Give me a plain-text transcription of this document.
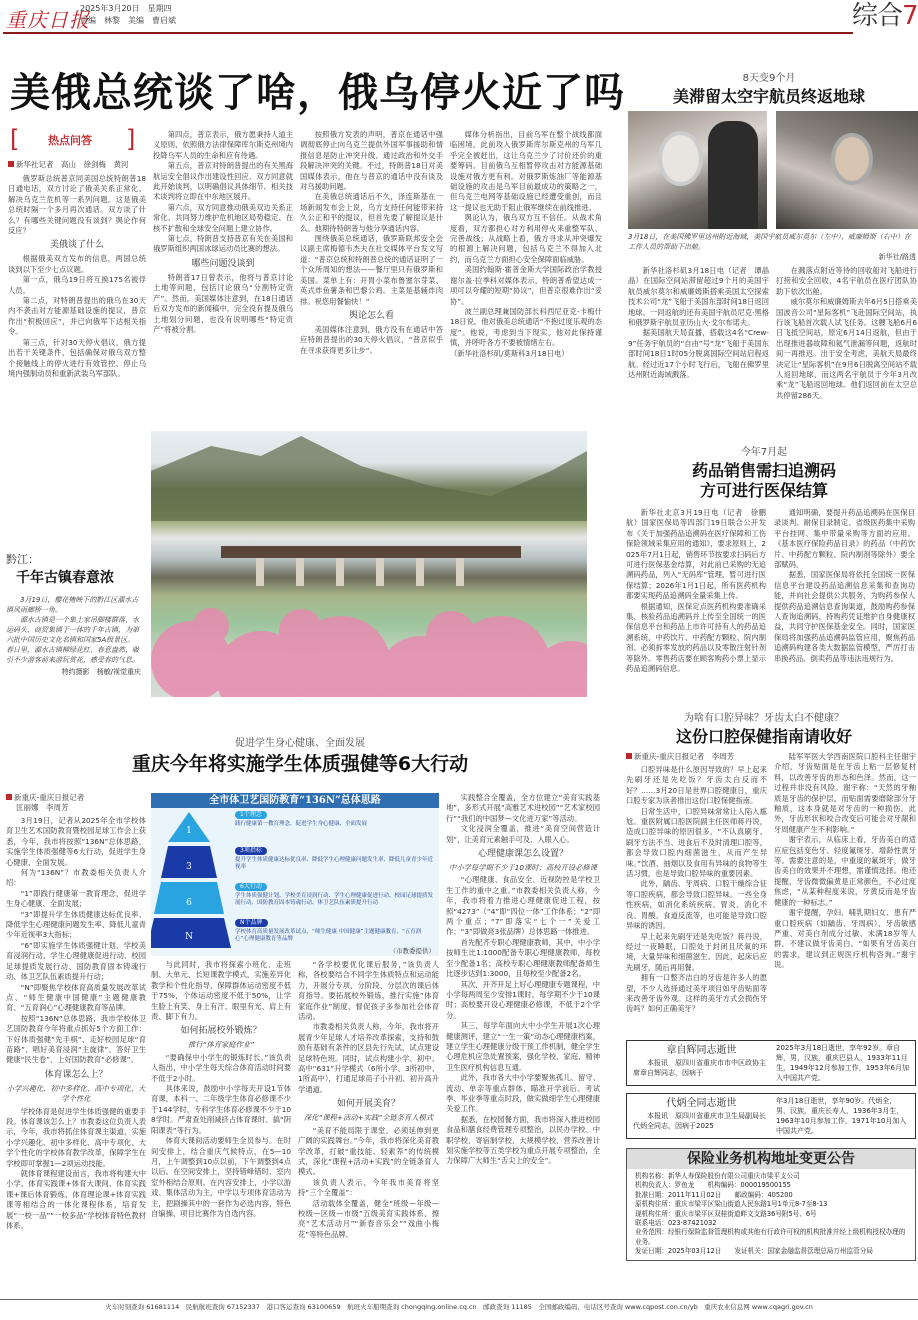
重庆日报
2025年3月20日　星期四
责编　林黎　美编　曹启斌	综合7
美俄总统谈了啥，俄乌停火近了吗
[	热点问答 ]
新华社记者　高山　徐剑梅　黄河

俄罗斯总统普京同美国总统特朗普18日通电话，双方讨论了俄美关系正常化、解决乌克兰危机等一系列问题。这是俄美总统时隔一个多月再次通话。双方谈了什么？有哪些关键问题没有谈到？舆论作何反应？

美俄谈了什么

根据俄美双方发布的信息，两国总统谈到以下至少七点议题。

第一点，俄乌19日将互换175名被俘人员。

第二点，对特朗普提出的俄乌在30天内不袭击对方能源基础设施的提议，普京作出“积极回应”，并已向俄军下达相关指令。

第三点，针对30天停火倡议，俄方提出若干关键条件，包括确保对俄乌双方整个接触线上的停火进行有效管控、停止乌境内强制动员和重新武装乌军部队。

第四点，普京表示，俄方愿秉持人道主义原则，依照俄方法律保障库尔斯克州境内投降乌军人员的生命和应有待遇。

第五点，普京对特朗普提出的有关黑海航运安全倡议作出建设性回应。双方同意就此开始谈判，以明确倡议具体细节。相关技术谈判将立即在中东地区展开。

第六点，双方同意推动俄美双边关系正常化、共同努力维护危机地区局势稳定、在核不扩散和全球安全问题上建立协作。

第七点，特朗普支持普京有关在美国和俄罗斯组织两国冰球运动员比赛的想法。

哪些问题没谈到

特朗普17日曾表示，他将与普京讨论土地等问题，包括讨论俄乌“分割特定资产”。然而，美国媒体注意到，在18日通话后双方发布的新闻稿中，完全没有提及俄乌土地划分问题，也没有说明哪些“特定资产”将被分割。

按照俄方发表的声明，普京在通话中强调彻底停止向乌克兰提供外国军事援助和情报信息是防止冲突升级、通过政治和外交手段解决冲突的关键。不过，特朗普18日对美国媒体表示，他在与普京的通话中没有谈及对乌援助问题。

在美俄总统通话后不久，泽连斯基在一场新闻发布会上说，乌方支持任何能带来持久公正和平的提议，但首先要了解提议是什么。他期待特朗普与他分享通话内容。

围绕俄美总统通话，俄罗斯联邦安全会议副主席梅德韦杰夫在社交媒体平台发文写道：“普京总统和特朗普总统的通话证明了一个众所周知的想法——餐厅里只有俄罗斯和美国。菜单上有：开胃小菜布鲁塞尔芽菜、英式炸鱼薯条和巴黎公鸡。主菜是基辅炸肉排。祝您用餐愉快！”

舆论怎么看

美国媒体注意到，俄方没有在通话中答应特朗普提出的30天停火倡议，“普京似乎在寻求获得更多让步”。

媒体分析指出，目前乌军在整个战线都面临困境，此前攻入俄罗斯库尔斯克州的乌军几乎完全被赶出，这让乌克兰少了讨价还价的重要筹码。目前俄乌互相暂停攻击对方能源基础设施对俄方更有利。对俄罗斯炼油厂等能源基础设施的攻击是乌军目前最成功的策略之一，但乌克兰电网等基础设施已经遭受重创，而且这一提议也无助于阻止俄军继续在前线推进。

舆论认为，俄乌双方互不信任。从战术角度看，双方都担心对方利用停火来重整军队、完善战线；从战略上看，俄方寻求从冲突爆发的根源上解决问题，包括乌克兰不得加入北约，而乌克兰方面担心安全保障面临威胁。

美国约翰斯·霍普金斯大学国际政治学教授谢尔盖·拉季科对媒体表示，特朗普希望达成一项可以夸耀的短期“协议”，但普京很难作出“妥协”。

波兰副总理兼国防部长科西尼亚克-卡梅什18日说，他对俄美总统通话“不抱过度乐观的态度”。他说，考虑到当下现实，他对此保持谨慎，并呼吁各方不要被情绪左右。

（新华社洛杉矶/莫斯科3月18日电）
8天变9个月
美滞留太空宇航员终返地球
3月18日，在美国佛罗里达州附近海域，美国宇航员威尔莫尔（左中）、威廉姆斯（右中）在工作人员的帮助下出舱。
新华社/路透

新华社洛杉矶3月18日电（记者　谭晶晶）在国际空间站滞留超过9个月的美国宇航员威尔莫尔和威廉姆斯搭乘美国太空探索技术公司“龙”飞船于美国东部时间18日返回地球。一同返航的还有美国宇航员尼克·黑格和俄罗斯宇航员亚历山大·戈尔布诺夫。

据美国航天局直播，搭载这4名“Crew-9”任务宇航员的“自由”号“龙”飞船于美国东部时间18日1时05分脱离国际空间站启程返航。经过近17个小时飞行后，飞船在佛罗里达州附近海域溅落。

在溅落点附近等待的回收船对飞船进行打捞和安全回收，4名宇航员在医疗团队协助下依次出舱。

威尔莫尔和威廉姆斯去年6月5日搭乘美国波音公司“星际客机”飞赴国际空间站，执行该飞船首次载人试飞任务。这艘飞船6月6日飞抵空间站，原定6月14日返航，但由于出现推进器故障和氦气泄漏等问题，返航时间一再推迟。出于安全考虑，美航天局最终决定让“星际客机”在9月6日脱离空间站不载人返回地球，而这两名宇航员于今年3月改乘“龙”飞船返回地球。他们返回前在太空总共停留286天。

黔江：
千年古镇春意浓

3月19日，樱花掩映下的黔江区濯水古镇风雨廊桥一角。

濯水古镇是一个集土家吊脚楼群落、水运码头、商贸集镇于一体的千年古镇，为第六批中国历史文化名镇和国家5A级景区。春日里，濯水古镇柳绿花红、春意盎然，吸引不少游客前来游玩赏花，感受春的气息。

特约摄影　杨敏/视觉重庆
今年7月起
药品销售需扫追溯码
方可进行医保结算

新华社北京3月19日电（记者　徐鹏航）国家医保局等四部门19日联合公开发布《关于加强药品追溯码在医疗保障和工伤保险领域采集应用的通知》，要求原则上，2025年7月1日起，销售环节按要求扫码后方可进行医保基金结算，对此前已采购的无追溯码药品，列入“无码库”管理，暂可进行医保结算；2026年1月1日起，所有医药机构都要实现药品追溯码全量采集上传。

根据通知，医保定点医药机构要准确采集、核验药品追溯码并上传至全国统一的医保信息平台和药品上市许可持有人的药品追溯系统，中药饮片、中药配方颗粒、院内制剂、必须拆零发放的药品以及零散注射针剂等除外。零售药店要在顾客购药小票上显示药品追溯码信息。

通知明确，要提升药品追溯码在医保目录谈判、耐保目录制定、省级医药集中采购平台挂网、集中带量采购等方面的应用。《基本医疗保险药品目录》的药品（中药饮片、中药配方颗粒、院内制剂等除外）要全部赋码。

据悉，国家医保局将依托全国统一医保信息平台建设药品追溯信息采集和查询功能，并向社会提供公共服务，为购药参保人提供药品追溯信息查询渠道，鼓励购药参保人查询追溯码，持购药凭证维护自身健康权益，共同守护医保基金安全。同时，国家医保局将加强药品追溯码监管应用，聚焦药品追溯码构建各类大数据监管模型，严厉打击串换药品、倒卖药品等违法违规行为。

促进学生身心健康、全面发展
重庆今年将实施学生体质强健等6大行动
新重庆-重庆日报记者
匡丽娜　李周芳

3月19日，记者从2025年全市学校体育卫生艺术国防教育暨校园足球工作会上获悉，今年，我市将按照“136N”总体思路，实施学生体质强健等6大行动，促进学生身心健康、全面发展。

何为“136N”？市教委相关负责人介绍：

“1”即践行健康第一教育理念，促进学生身心健康、全面发展；

“3”即提升学生体质健康达标优良率、降低学生心理健康问题发生率、降低儿童青少年近视率3大指标；

“6”即实施学生体质强健计划、学校美育浸润行动、学生心理健康促进行动、校园足球提质发展行动、国防教育固本铸魂行动、体卫艺队伍素质提升行动；

“N”即聚焦学校体育高质量发展改革试点、“师生健康中国健康”主题健康教育、“五育润心”心理健康教育等品牌。

按照“136N”总体思路，我市学校体卫艺国防教育今年将重点抓好5个方面工作：下好体质强健“先手棋”、走好校园足球“育苗路”、唱好美育浸润“主旋律”、答好卫生健康“民生卷”、上好国防教育“必修课”。

体育课怎么上？
小学兴趣化、初中多样化、高中专项化、大学个性化

学校体育是促进学生体质强健的重要手段。体育课该怎么上？市教委这位负责人表示，今年，我市将抓住体育课主渠道，实施小学兴趣化、初中多样化、高中专项化、大学个性化的学校体育教学改革，保障学生在学校即可掌握1—2项运动技能。

就体育课程建设而言，我市将构建大中小学、体育实践课+体育大课间、体育实践课+课后体育锻炼、体育理论课+体育实践课等相结合的一体化课程体系，培育发展“一校一品”“一校多品”学校体育特色教材体系。

全市体卫艺国防教育“136N”总体思路
1
3
6
N
1个理念
践行健康第一教育理念，促进学生身心健康、全面发展
3项指标
提升学生体质健康达标优良率、降低学生心理健康问题发生率、降低儿童青少年近视率
6大行动
学生体质强健计划、学校美育浸润行动、学生心理健康促进行动、校园足球提质发展行动、国防教育固本铸魂行动、体卫艺队伍素质提升行动
N个品牌
学校体育高质量发展改革试点、“师生健康 中国健康”主题健康教育、“五育润心”心理健康教育等品牌
（市教委提供）

与此同时，我市将探索小班化、走班制、大单元、长短课教学模式，实施差异化教学和个性化指导，保障群体运动密度不低于75%，个体运动密度不低于50%，让学生脸上有笑、身上有汗、眼里有光、肩上有责、脚下有力。

如何拓展校外锻炼？
推行“体育家庭作业”

“要确保中小学生的锻炼时长。”该负责人指出，中小学生每天综合体育活动时间要不低于2小时。

具体来说，鼓励中小学每天开设1节体育课，本科一、二年级学生体育必修课不少于144学时，专科学生体育必修课不少于108学时。严肃查处削减挤占体育课时、搞“阴阳课表”等行为。

体育大课间活动要师生全员参与。在时间安排上，结合重庆气候特点，在5—10月，上午调整到10点以前，下午调整到4点以后。在空间安排上，坚持错峰错时、室内室外相结合原则。在内容安排上，小学以游戏、集体活动为主，中学以专项体育活动为主，把剧操其中的一套作为必选内容，特色自编操、项目比赛作为自选内容。

“各学校要优化课后服务，”该负责人称，各校要结合不同学生体质特点和运动能力，开展分专项、分阶段、分层次的课后体育指导。要拓展校外锻炼，推行实施“体育家庭作业”制度，督促孩子多参加社会体育活动。

市教委相关负责人称，今年，我市将开展青少年足球人才培养改革探索，支持和鼓励有基础有条件的区县先行先试，试点建设足球特色班。同时，试点构建小学、初中、高中“631”升学模式（6所小学、3所初中、1所高中），打通足球苗子小升初、初升高升学通道。

如何开展美育？
深化“课程+活动+实践”全链条育人模式

“美育不能局限于课堂，必须延伸到更广阔的实践舞台。”今年，我市将深化美育教学改革，打破“重技能、轻素养”的传统模式，深化“课程+活动+实践”的全链条育人模式。

该负责人表示，今年我市美育将坚持“三个全覆盖”：

活动载体全覆盖，健全“班级—年级—校级—区级—市级”五级美育实践体系，擦亮“艺术活动月”“新春音乐会”“戏曲小梅花”等特色品牌。

实践整合全覆盖，全方位建立“美育实践基地”，多形式开展“高雅艺术进校园”“艺术家校园行”“我们的中国梦—文化进万家”等活动。

文化浸润全覆盖，推进“美育空间营造计划”，让美育元素触手可及、入眼入心。

心理健康课怎么设置？
中小学每学期不少于10课时；高校开设必修课

“心理健康、食品安全、近视防控是学校卫生工作的重中之重。”市教委相关负责人称，今年，我市将着力推进心理健康促进工程，按照“4273”（“4”即“四位一体”工作体系；“2”即两个重点；“7”即落实“七个一”关爱工作；“3”即做亮3张品牌）总体思路一体推进。

首先配齐专职心理健康教师，其中，中小学按师生比1:1000配备专职心理健康教师，每校至少配备1名；高校专职心理健康教师配备师生比逐步达到1:3000，且每校至少配备2名。

其次，开齐开足上好心理健康专题课程，中小学每两周至少安排1课时，每学期不少于10课时；高校要开设心理健康必修课，不低于2个学分。

其三，每学年面向大中小学生开展1次心理健康测评，建立“一生一策”动态心理健康档案，建立学生心理健康分级干预工作机制，健全学生心理危机应急处置预案，强化学校、家庭、精神卫生医疗机构信息互通。

此外，我市各大中小学要聚焦孤儿、留守、流动、单亲等重点群体，瞄准开学前后、考试季、毕业季等重点时段，做实做细学生心理健康关爱工作。

据悉，在校园餐方面，我市将深入推进校园食品和膳食经费管理专项整治，以民办学校、中职学校、寄宿制学校、大规模学校、营养改善计划实施学校等五类学校为重点开展专项整治，全力保障广大师生“舌尖上的安全”。

为啥有口腔异味？牙齿太白不健康？
这份口腔保健指南请收好
新重庆-重庆日报记者　李周芳

口腔异味是什么原因导致的？早上起来先刷牙还是先吃饭？牙齿太白反而不好？……3月20日是世界口腔健康日，重庆口腔专家为读者推出这份口腔保健指南。

日常生活中，口腔异味常常让人陷入尴尬。重医附属口腔医院副主任医师蒋丹说，造成口腔异味的原因很多，“不认真刷牙、刷牙方法不当、进食后不及时清理口腔等，都会导致口腔内细菌滋生，从而产生异味。”饮酒、抽烟以及食用有异味的食物等生活习惯，也是导致口腔异味的重要因素。

此外，龋齿、牙周病、口腔干燥综合征等口腔疾病，都会导致口腔异味。一些全身性疾病，如消化系统疾病、胃炎、消化不良、胃酸、食道反流等，也可能是导致口腔异味的诱因。

早上起来先刷牙还是先吃饭？蒋丹说，经过一夜睡眠，口腔处于封闭且厌氧的环境，大量异味和细菌滋生。因此，起床后应先刷牙，随后再用餐。

拥有一口整齐洁白的牙齿是许多人的愿望，不少人选择通过美牙项目如牙齿贴面等来改善牙齿外观。这样的美牙方式会损伤牙齿吗？如何正确美牙？

陆军军医大学西南医院口腔科主任谢宇介绍，牙齿贴面是在牙齿上粘一层修复材料，以改善牙齿的形态和色泽。然而，这一过程并非没有风险。谢宇称：“天然的牙釉质是牙齿的保护层，而贴面需要磨除部分牙釉质，这本身就是对牙齿的一种损伤。此外，牙齿形状和咬合改变后可能会对牙龈和牙周健康产生不利影响。”

谢宇表示，从临床上看，牙齿美白的适应症包括变色牙、轻度氟斑牙、增龄性黄牙等。需要注意的是，中重度的氟斑牙，做牙齿美白的效果并不理想，需谨慎选择。他还提醒，牙齿微微偏黄是正常颜色，不必过度焦虑，“从某种程度来说，牙黄反而是牙齿健康的一种标志。”

谢宇提醒，孕妇、哺乳期妇女、患有严重口腔疾病（如龋齿、牙周病）、牙齿敏感严重、对美白剂成分过敏、未满18岁等人群，不建议做牙齿美白。“如果有牙齿美白的需求，建议到正规医疗机构咨询。”谢宇说。

章自辉同志逝世
本报讯　原四川省重庆市市中区政协主席章自辉同志，因病于
2025年3月18日逝世，享年92岁。章自辉，男，汉族，重庆巴县人，1933年11月生，1949年12月参加工作，1953年6月加入中国共产党。
代炳全同志逝世
本报讯　原四川省重庆市卫生局副局长代炳全同志，因病于2025
年3月18日逝世，享年90岁。代炳全，男，汉族，重庆长寿人，1936年3月生，1963年10月参加工作，1971年10月加入中国共产党。
保险业务机构地址变更公告
机构名称：新华人寿保险股份有限公司重庆市梁平支公司
机构负责人：罗鱼龙　　机构编码：000019500155
批准日期：2011年11月02日　　邮政编码：405200
原机构住所：重庆市梁平区梁山街道人民东路1号1单元8-7至8-13
现机构住所：重庆市梁平区双桂街道畔文支路36号附5号、6号
联系电话：023-87421032
业务范围：经银行保险监督管理机构或其他有行政许可权的机构批准并经上级机构授权办理的业务。
发证日期：2025年03月12日　　发证机关：国家金融监督管理总局万州监管分局
火车时刻查询 61681114　民航航班查询 67152337　港口客运查询 63100659　航班火车船期查询 chongqing.online.cq.cn　邮政查询 11185　全国邮政编码、电话区号查询 www.cqpost.con.cn/yb　重庆农业信息网 www.cqagri.gov.cn
